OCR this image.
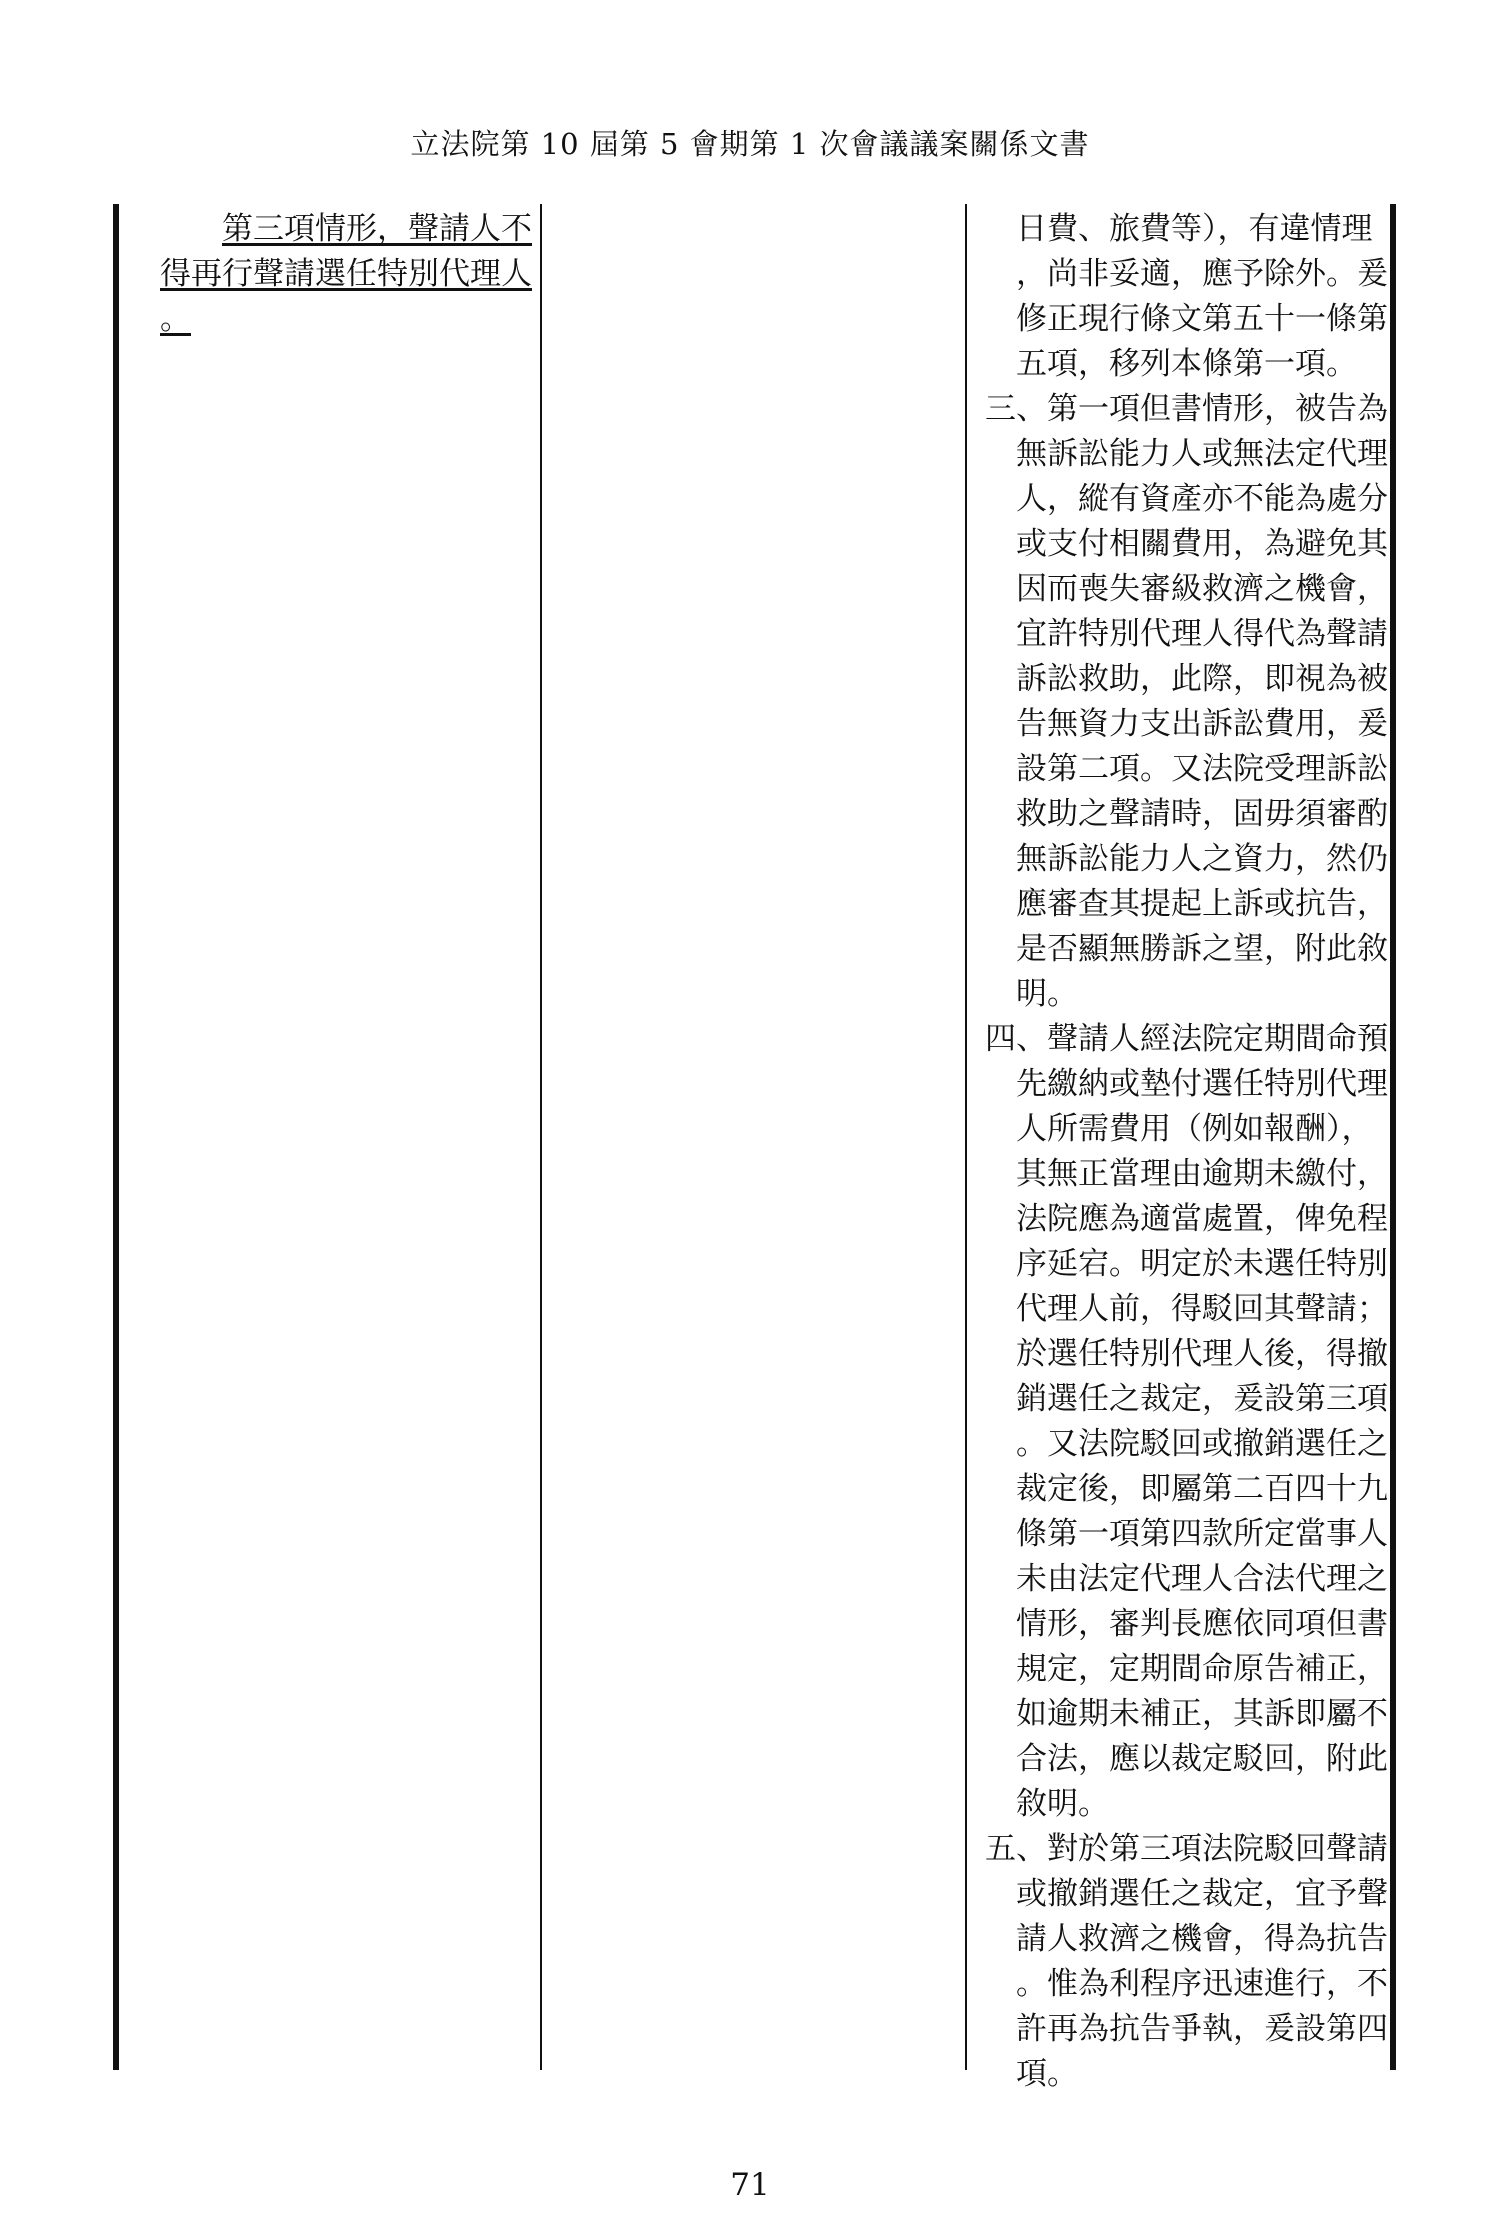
立法院第 10 屆第 5 會期第 1 次會議議案關係文書
第三項情形，聲請人不
得再行聲請選任特別代理人
。
日費、旅費等），有違情理
，尚非妥適，應予除外。爰
修正現行條文第五十一條第
五項，移列本條第一項。
三、第一項但書情形，被告為
無訴訟能力人或無法定代理
人，縱有資產亦不能為處分
或支付相關費用，為避免其
因而喪失審級救濟之機會，
宜許特別代理人得代為聲請
訴訟救助，此際，即視為被
告無資力支出訴訟費用，爰
設第二項。又法院受理訴訟
救助之聲請時，固毋須審酌
無訴訟能力人之資力，然仍
應審查其提起上訴或抗告，
是否顯無勝訴之望，附此敘
明。
四、聲請人經法院定期間命預
先繳納或墊付選任特別代理
人所需費用（例如報酬），
其無正當理由逾期未繳付，
法院應為適當處置，俾免程
序延宕。明定於未選任特別
代理人前，得駁回其聲請；
於選任特別代理人後，得撤
銷選任之裁定，爰設第三項
。又法院駁回或撤銷選任之
裁定後，即屬第二百四十九
條第一項第四款所定當事人
未由法定代理人合法代理之
情形，審判長應依同項但書
規定，定期間命原告補正，
如逾期未補正，其訴即屬不
合法，應以裁定駁回，附此
敘明。
五、對於第三項法院駁回聲請
或撤銷選任之裁定，宜予聲
請人救濟之機會，得為抗告
。惟為利程序迅速進行，不
許再為抗告爭執，爰設第四
項。
71
